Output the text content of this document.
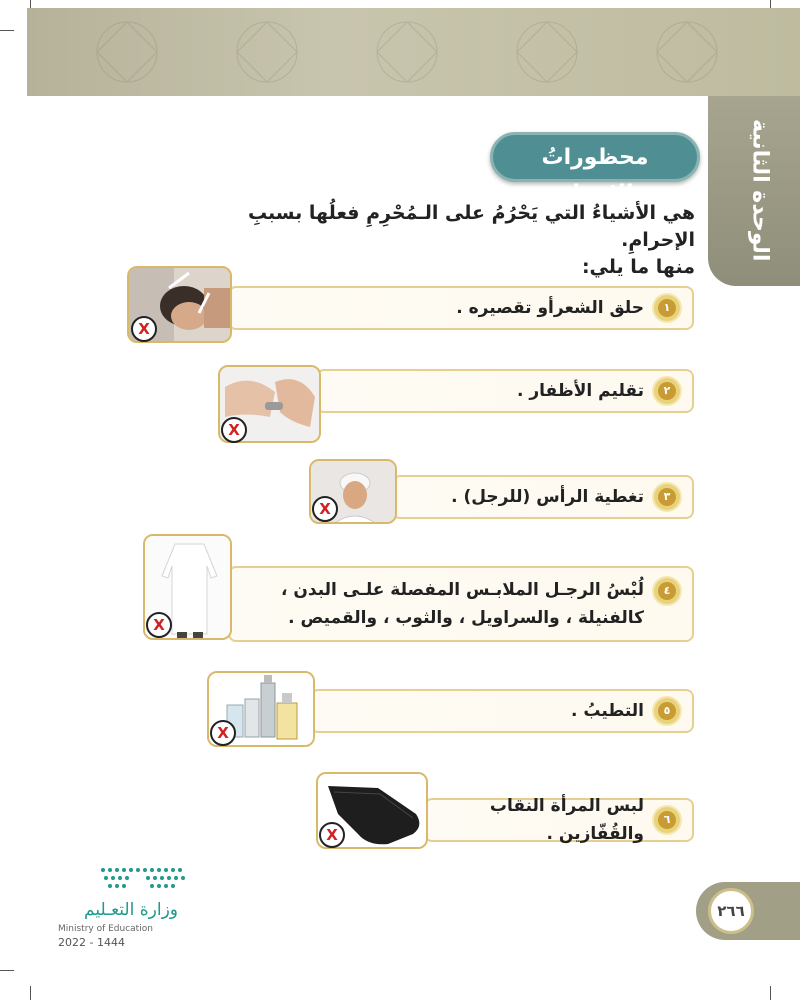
الوحدة الثانية
محظوراتُ الإحرامِ
هي الأشياءُ التي يَحْرُمُ على الـمُحْرِمِ فعلُها بسببِ الإحرامِ.
منها ما يلي:
١
حلق الشعرأو تقصيره .
X
٢
تقليم الأظفار .
X
٣
تغطية الرأس (للرجل) .
X
٤
لُبْسُ الرجـل الملابـس المفصلة علـى البدن ،
كالفنيلة ، والسراويل ، والثوب ، والقميص .
X
٥
التطيبُ .
X
٦
لبس المرأة النقاب والقُفّازين .
X
وزارة التعـليم
Ministry of Education
2022 - 1444
٢٦٦
